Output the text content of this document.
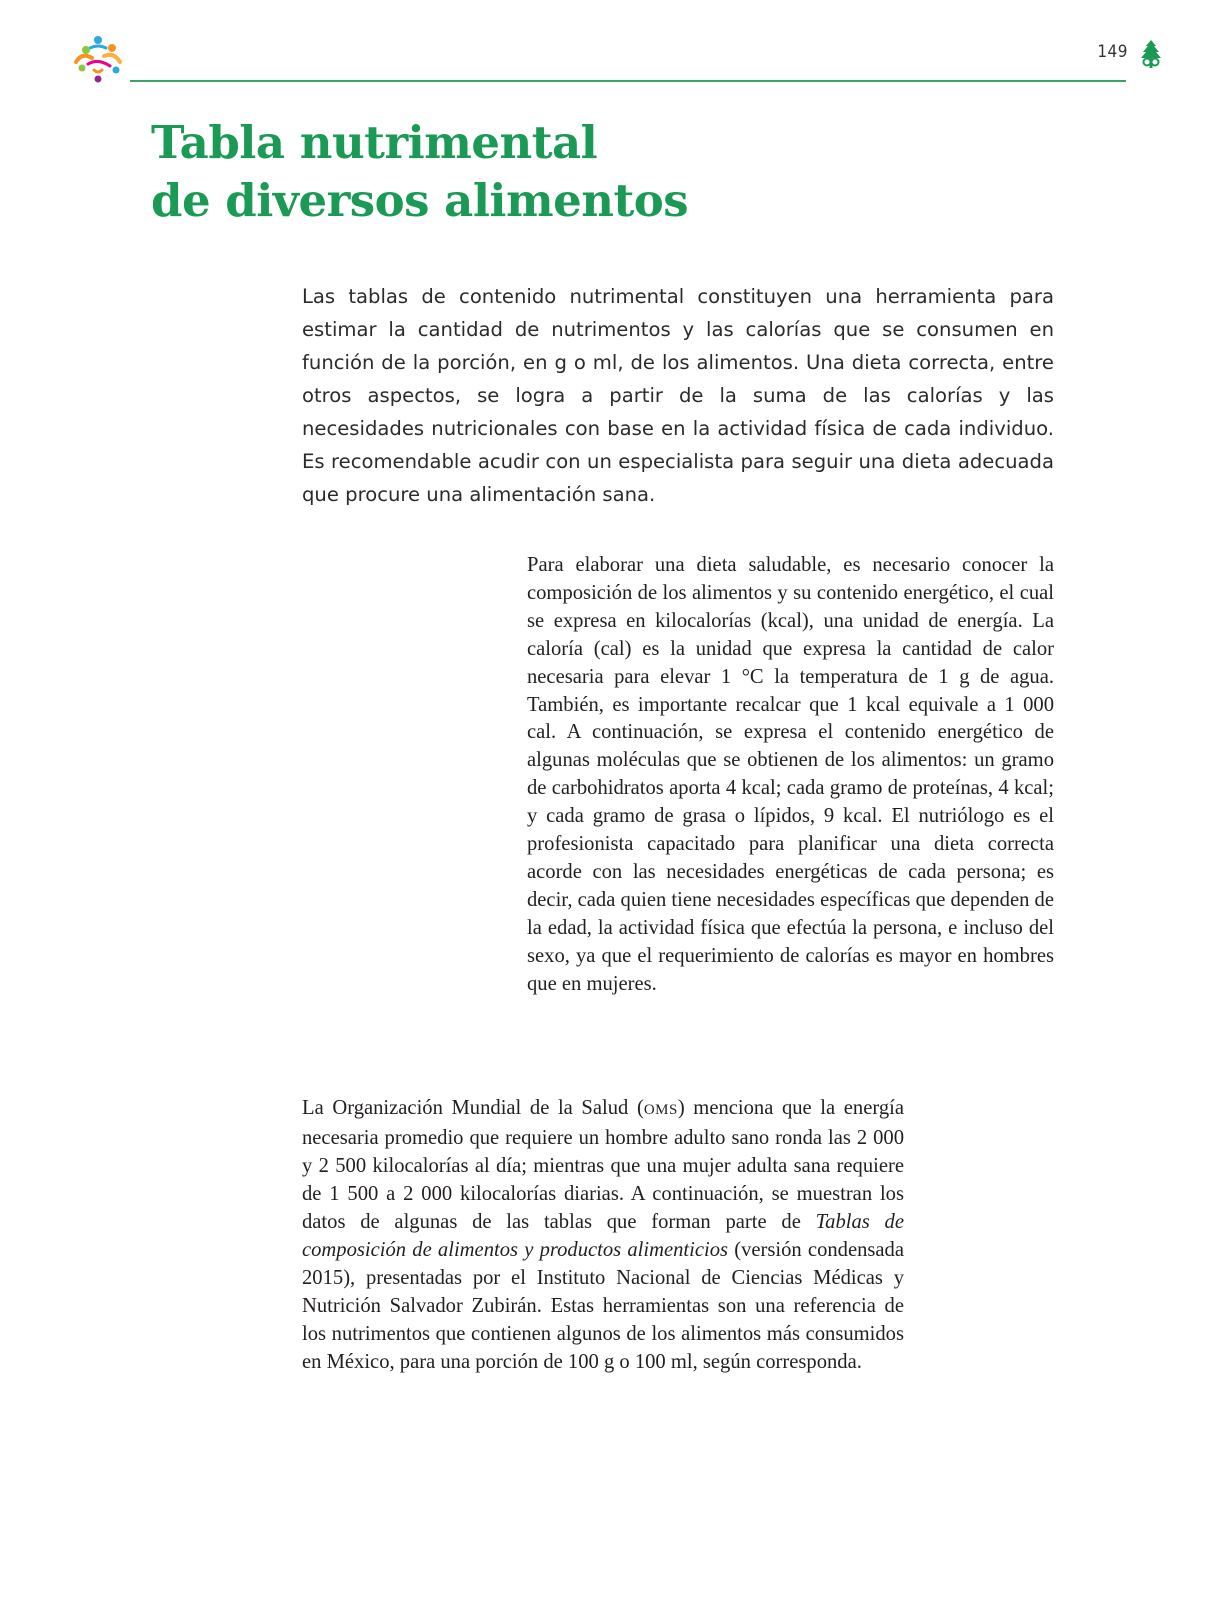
149
Tabla nutrimental
de diversos alimentos

Las tablas de contenido nutrimental constituyen una herramienta para estimar la cantidad de nutrimentos y las calorías que se consumen en función de la porción, en g o ml, de los alimentos. Una dieta correcta, entre otros aspectos, se logra a partir de la suma de las calorías y las necesidades nutricionales con base en la actividad física de cada individuo. Es recomendable acudir con un especialista para seguir una dieta adecuada que procure una alimentación sana.

Para elaborar una dieta saludable, es necesario conocer la composición de los alimentos y su contenido energético, el cual se expresa en kilocalorías (kcal), una unidad de energía. La caloría (cal) es la unidad que expresa la cantidad de calor necesaria para elevar 1 °C la temperatura de 1 g de agua. También, es importante recalcar que 1 kcal equivale a 1 000 cal. A continuación, se expresa el contenido energético de algunas moléculas que se obtienen de los alimentos: un gramo de carbohidratos aporta 4 kcal; cada gramo de proteínas, 4 kcal; y cada gramo de grasa o lípidos, 9 kcal. El nutriólogo es el profesionista capacitado para planificar una dieta correcta acorde con las necesidades energéticas de cada persona; es decir, cada quien tiene necesidades específicas que dependen de la edad, la actividad física que efectúa la persona, e incluso del sexo, ya que el requerimiento de calorías es mayor en hombres que en mujeres.

La Organización Mundial de la Salud (OMS) menciona que la energía necesaria promedio que requiere un hombre adulto sano ronda las 2 000 y 2 500 kilocalorías al día; mientras que una mujer adulta sana requiere de 1 500 a 2 000 kilocalorías diarias. A continuación, se muestran los datos de algunas de las tablas que forman parte de Tablas de composición de alimentos y productos alimenticios (versión condensada 2015), presentadas por el Instituto Nacional de Ciencias Médicas y Nutrición Salvador Zubirán. Estas herramientas son una referencia de los nutrimentos que contienen algunos de los alimentos más consumidos en México, para una porción de 100 g o 100 ml, según corresponda.
